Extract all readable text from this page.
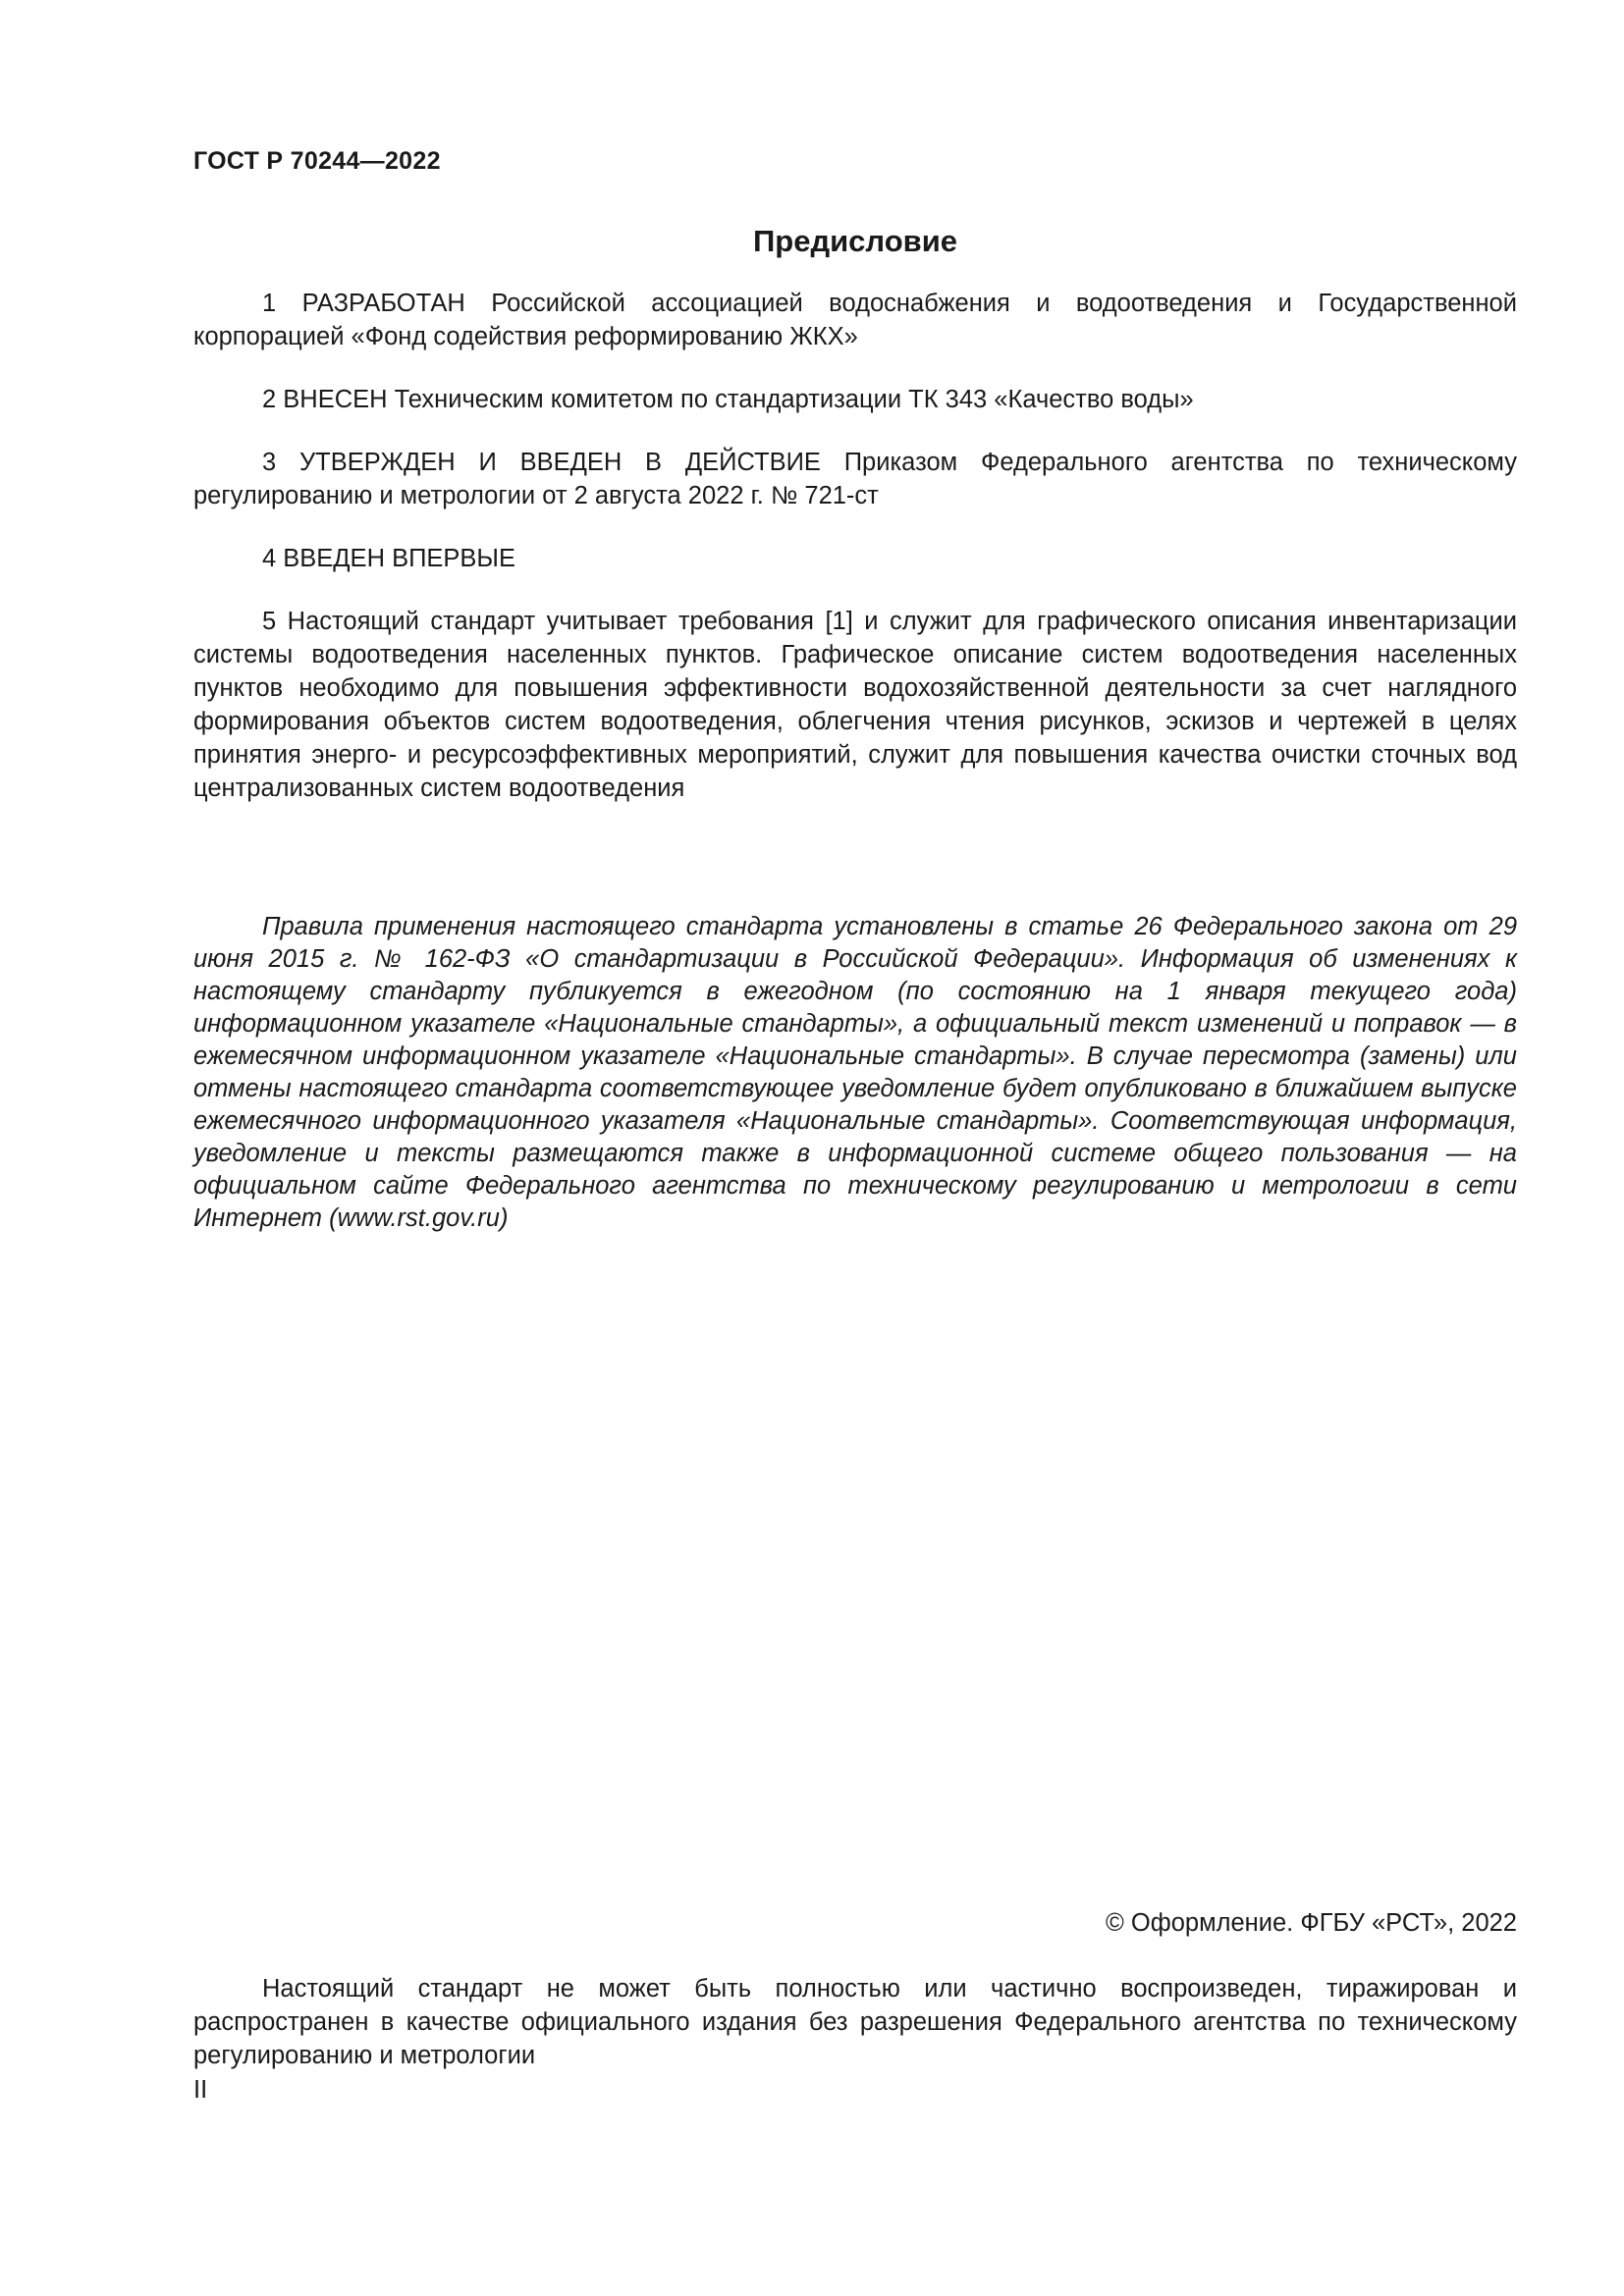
ГОСТ Р 70244—2022
Предисловие

1 РАЗРАБОТАН Российской ассоциацией водоснабжения и водоотведения и Государственной корпорацией «Фонд содействия реформированию ЖКХ»

2 ВНЕСЕН Техническим комитетом по стандартизации ТК 343 «Качество воды»

3 УТВЕРЖДЕН И ВВЕДЕН В ДЕЙСТВИЕ Приказом Федерального агентства по техническому регулированию и метрологии от 2 августа 2022 г. № 721-ст

4 ВВЕДЕН ВПЕРВЫЕ

5 Настоящий стандарт учитывает требования [1] и служит для графического описания инвентаризации системы водоотведения населенных пунктов. Графическое описание систем водоотведения населенных пунктов необходимо для повышения эффективности водохозяйственной деятельности за счет наглядного формирования объектов систем водоотведения, облегчения чтения рисунков, эскизов и чертежей в целях принятия энерго- и ресурсоэффективных мероприятий, служит для повышения качества очистки сточных вод централизованных систем водоотведения

Правила применения настоящего стандарта установлены в статье 26 Федерального закона от 29 июня 2015 г. № 162-ФЗ «О стандартизации в Российской Федерации». Информация об изменениях к настоящему стандарту публикуется в ежегодном (по состоянию на 1 января текущего года) информационном указателе «Национальные стандарты», а официальный текст изменений и поправок — в ежемесячном информационном указателе «Национальные стандарты». В случае пересмотра (замены) или отмены настоящего стандарта соответствующее уведомление будет опубликовано в ближайшем выпуске ежемесячного информационного указателя «Национальные стандарты». Соответствующая информация, уведомление и тексты размещаются также в информационной системе общего пользования — на официальном сайте Федерального агентства по техническому регулированию и метрологии в сети Интернет (www.rst.gov.ru)

© Оформление. ФГБУ «РСТ», 2022

Настоящий стандарт не может быть полностью или частично воспроизведен, тиражирован и распространен в качестве официального издания без разрешения Федерального агентства по техническому регулированию и метрологии

II
